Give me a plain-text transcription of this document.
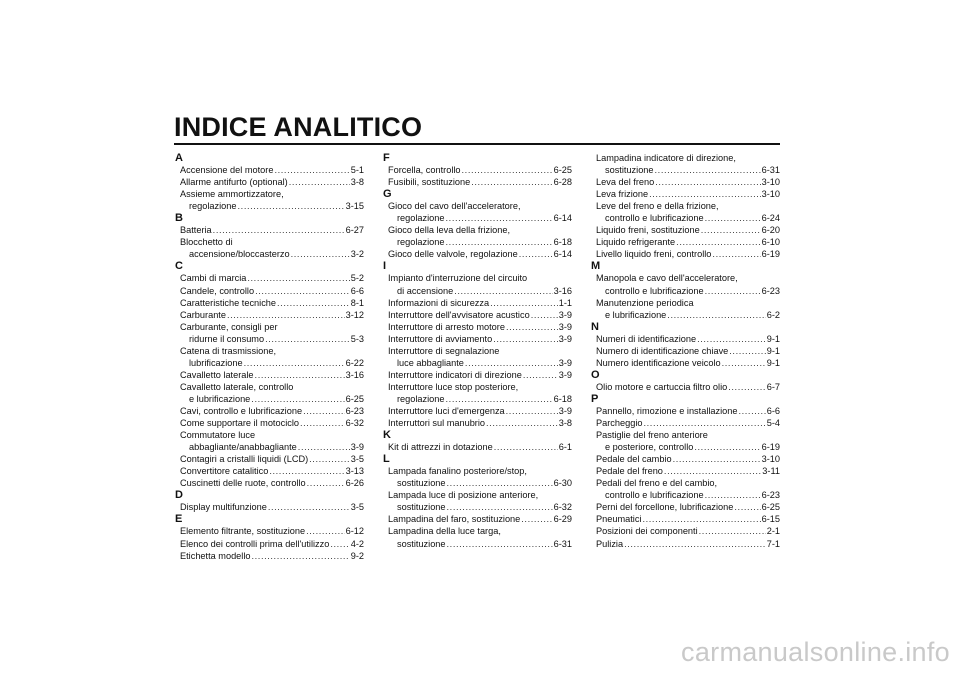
INDICE ANALITICO
A
Accensione del motore .....	5-1
Allarme antifurto (optional) .....	3-8
Assieme ammortizzatore,
regolazione .....	3-15
B
Batteria .....	6-27
Blocchetto di
accensione/bloccasterzo .....	3-2
C
Cambi di marcia .....	5-2
Candele, controllo .....	6-6
Caratteristiche tecniche .....	8-1
Carburante .....	3-12
Carburante, consigli per
ridurne il consumo .....	5-3
Catena di trasmissione,
lubrificazione .....	6-22
Cavalletto laterale .....	3-16
Cavalletto laterale, controllo
e lubrificazione .....	6-25
Cavi, controllo e lubrificazione .....	6-23
Come supportare il motociclo .....	6-32
Commutatore luce
abbagliante/anabbagliante .....	3-9
Contagiri a cristalli liquidi (LCD) .....	3-5
Convertitore catalitico .....	3-13
Cuscinetti delle ruote, controllo .....	6-26
D
Display multifunzione .....	3-5
E
Elemento filtrante, sostituzione .....	6-12
Elenco dei controlli prima dell'utilizzo ..... 4-2
Etichetta modello .....	9-2
F
Forcella, controllo .....	6-25
Fusibili, sostituzione .....	6-28
G
Gioco del cavo dell'acceleratore,
regolazione .....	6-14
Gioco della leva della frizione,
regolazione .....	6-18
Gioco delle valvole, regolazione .....	6-14
I
Impianto d'interruzione del circuito
di accensione .....	3-16
Informazioni di sicurezza .....	1-1
Interruttore dell'avvisatore acustico .....	3-9
Interruttore di arresto motore .....	3-9
Interruttore di avviamento .....	3-9
Interruttore di segnalazione
luce abbagliante .....	3-9
Interruttore indicatori di direzione .....	3-9
Interruttore luce stop posteriore,
regolazione .....	6-18
Interruttore luci d'emergenza .....	3-9
Interruttori sul manubrio .....	3-8
K
Kit di attrezzi in dotazione .....	6-1
L
Lampada fanalino posteriore/stop,
sostituzione .....	6-30
Lampada luce di posizione anteriore,
sostituzione .....	6-32
Lampadina del faro, sostituzione .....	6-29
Lampadina della luce targa,
sostituzione .....	6-31
Lampadina indicatore di direzione,
sostituzione .....	6-31
Leva del freno .....	3-10
Leva frizione .....	3-10
Leve del freno e della frizione,
controllo e lubrificazione .....	6-24
Liquido freni, sostituzione .....	6-20
Liquido refrigerante .....	6-10
Livello liquido freni, controllo .....	6-19
M
Manopola e cavo dell'acceleratore,
controllo e lubrificazione .....	6-23
Manutenzione periodica
e lubrificazione .....	6-2
N
Numeri di identificazione .....	9-1
Numero di identificazione chiave .....	9-1
Numero identificazione veicolo .....	9-1
O
Olio motore e cartuccia filtro olio .....	6-7
P
Pannello, rimozione e installazione .....	6-6
Parcheggio .....	5-4
Pastiglie del freno anteriore
e posteriore, controllo .....	6-19
Pedale del cambio .....	3-10
Pedale del freno .....	3-11
Pedali del freno e del cambio,
controllo e lubrificazione .....	6-23
Perni del forcellone, lubrificazione .....	6-25
Pneumatici .....	6-15
Posizioni dei componenti .....	2-1
Pulizia .....	7-1
carmanualsonline.info
